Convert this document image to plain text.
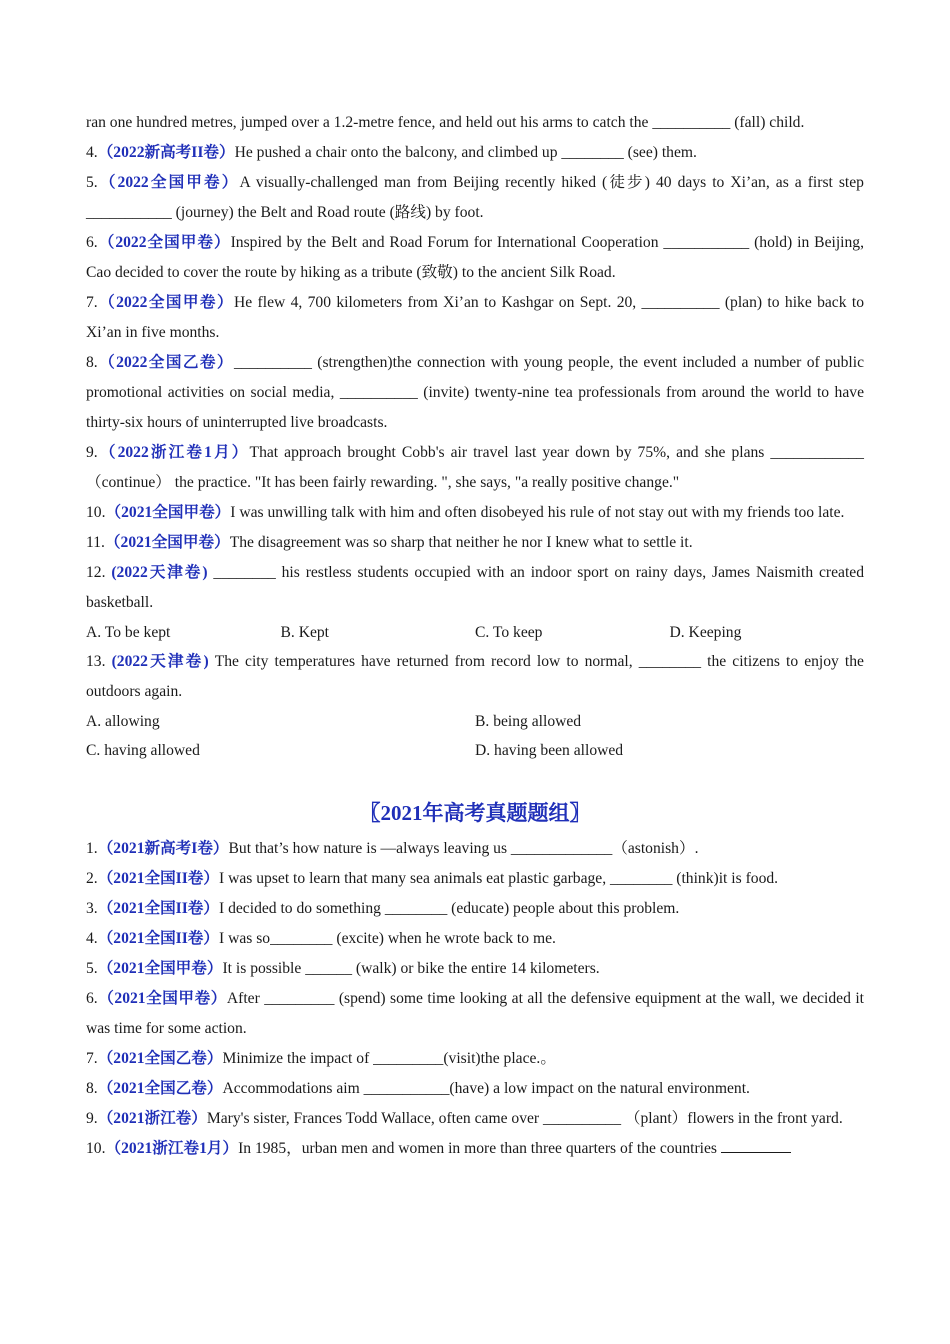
ran one hundred metres, jumped over a 1.2-metre fence, and held out his arms to catch the __________ (fall) child.
4.（2022新高考II卷）He pushed a chair onto the balcony, and climbed up ________ (see) them.
5.（2022全国甲卷）A visually-challenged man from Beijing recently hiked (徒步) 40 days to Xi’an, as a first step ___________ (journey) the Belt and Road route (路线) by foot.
6.（2022全国甲卷）Inspired by the Belt and Road Forum for International Cooperation ___________ (hold) in Beijing, Cao decided to cover the route by hiking as a tribute (致敬) to the ancient Silk Road.
7.（2022全国甲卷）He flew 4, 700 kilometers from Xi’an to Kashgar on Sept. 20, __________ (plan) to hike back to Xi’an in five months.
8.（2022全国乙卷）__________ (strengthen)the connection with young people, the event included a number of public promotional activities on social media, __________ (invite) twenty-nine tea professionals from around the world to have thirty-six hours of uninterrupted live broadcasts.
9.（2022浙江卷1月）That approach brought Cobb's air travel last year down by 75%, and she plans ____________（continue） the practice. "It has been fairly rewarding. ", she says, "a really positive change."
10.（2021全国甲卷）I was unwilling talk with him and often disobeyed his rule of not stay out with my friends too late.
11.（2021全国甲卷）The disagreement was so sharp that neither he nor I knew what to settle it.
12. (2022天津卷) ________ his restless students occupied with an indoor sport on rainy days, James Naismith created basketball.
A. To be kept	B. Kept	C. To keep	D. Keeping
13. (2022天津卷) The city temperatures have returned from record low to normal, ________ the citizens to enjoy the outdoors again.
A. allowing	B. being allowed
C. having allowed	D. having been allowed
〖2021年高考真题题组〗
1.（2021新高考I卷）But that’s how nature is —always leaving us _____________（astonish）.
2.（2021全国II卷）I was upset to learn that many sea animals eat plastic garbage, ________ (think)it is food.
3.（2021全国II卷）I decided to do something ________ (educate) people about this problem.
4.（2021全国II卷）I was so________ (excite) when he wrote back to me.
5.（2021全国甲卷）It is possible ______ (walk) or bike the entire 14 kilometers.
6.（2021全国甲卷）After _________ (spend) some time looking at all the defensive equipment at the wall, we decided it was time for some action.
7.（2021全国乙卷）Minimize the impact of _________(visit)the place.。
8.（2021全国乙卷）Accommodations aim ___________(have) a low impact on the natural environment.
9.（2021浙江卷）Mary's sister, Frances Todd Wallace, often came over __________ （plant）flowers in the front yard.
10.（2021浙江卷1月）In 1985，urban men and women in more than three quarters of the countries
